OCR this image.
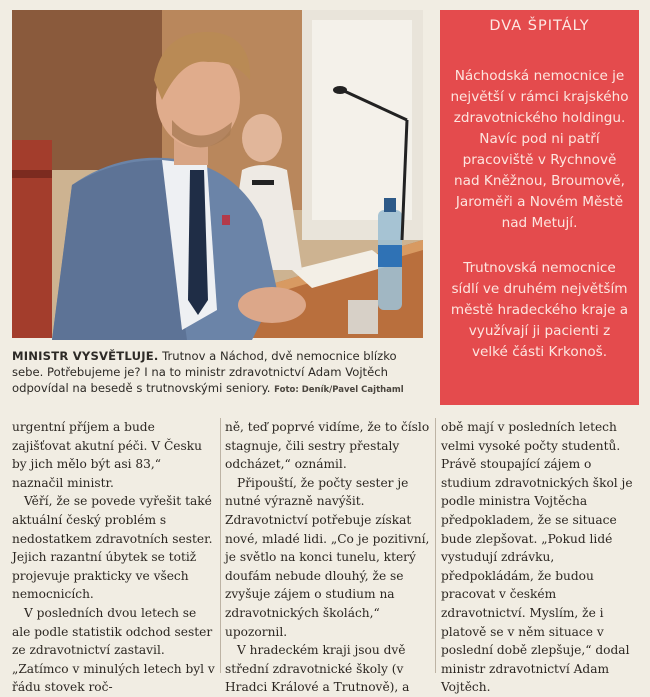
MINISTR VYSVĚTLUJE. Trutnov a Náchod, dvě nemocnice blízko sebe. Potřebujeme je? I na to ministr zdravotnictví Adam Vojtěch odpovídal na besedě s trutnovskými seniory. Foto: Deník/Pavel Cajthaml
DVA ŠPITÁLY

Náchodská nemocnice je největší v rámci krajského zdravotnického holdingu. Navíc pod ni patří pracoviště v Rychnově nad Kněžnou, Broumově, Jaroměři a Novém Městě nad Metují.

Trutnovská nemocnice sídlí ve druhém největším městě hradeckého kraje a využívají ji pacienti z velké části Krkonoš.

urgentní příjem a bude zajišťovat akutní péči. V Česku by jich mělo být asi 83,“ naznačil ministr.

Věří, že se povede vyřešit také aktuální český problém s nedostatkem zdravotních sester. Jejich razantní úbytek se totiž projevuje prakticky ve všech nemocnicích.

V posledních dvou letech se ale podle statistik odchod sester ze zdravotnictví zastavil. „Zatímco v minulých letech byl v řádu stovek roč-

ně, teď poprvé vidíme, že to číslo stagnuje, čili sestry přestaly odcházet,“ oznámil.

Připouští, že počty sester je nutné výrazně navýšit. Zdravotnictví potřebuje získat nové, mladé lidi. „Co je pozitivní, je světlo na konci tunelu, který doufám nebude dlouhý, že se zvyšuje zájem o studium na zdravotnických školách,“ upozornil.

V hradeckém kraji jsou dvě střední zdravotnické školy (v Hradci Králové a Trutnově), a

obě mají v posledních letech velmi vysoké počty studentů. Právě stoupající zájem o studium zdravotnických škol je podle ministra Vojtěcha předpokladem, že se situace bude zlepšovat. „Pokud lidé vystudují zdrávku, předpokládám, že budou pracovat v českém zdravotnictví. Myslím, že i platově se v něm situace v poslední době zlepšuje,“ dodal ministr zdravotnictví Adam Vojtěch.
